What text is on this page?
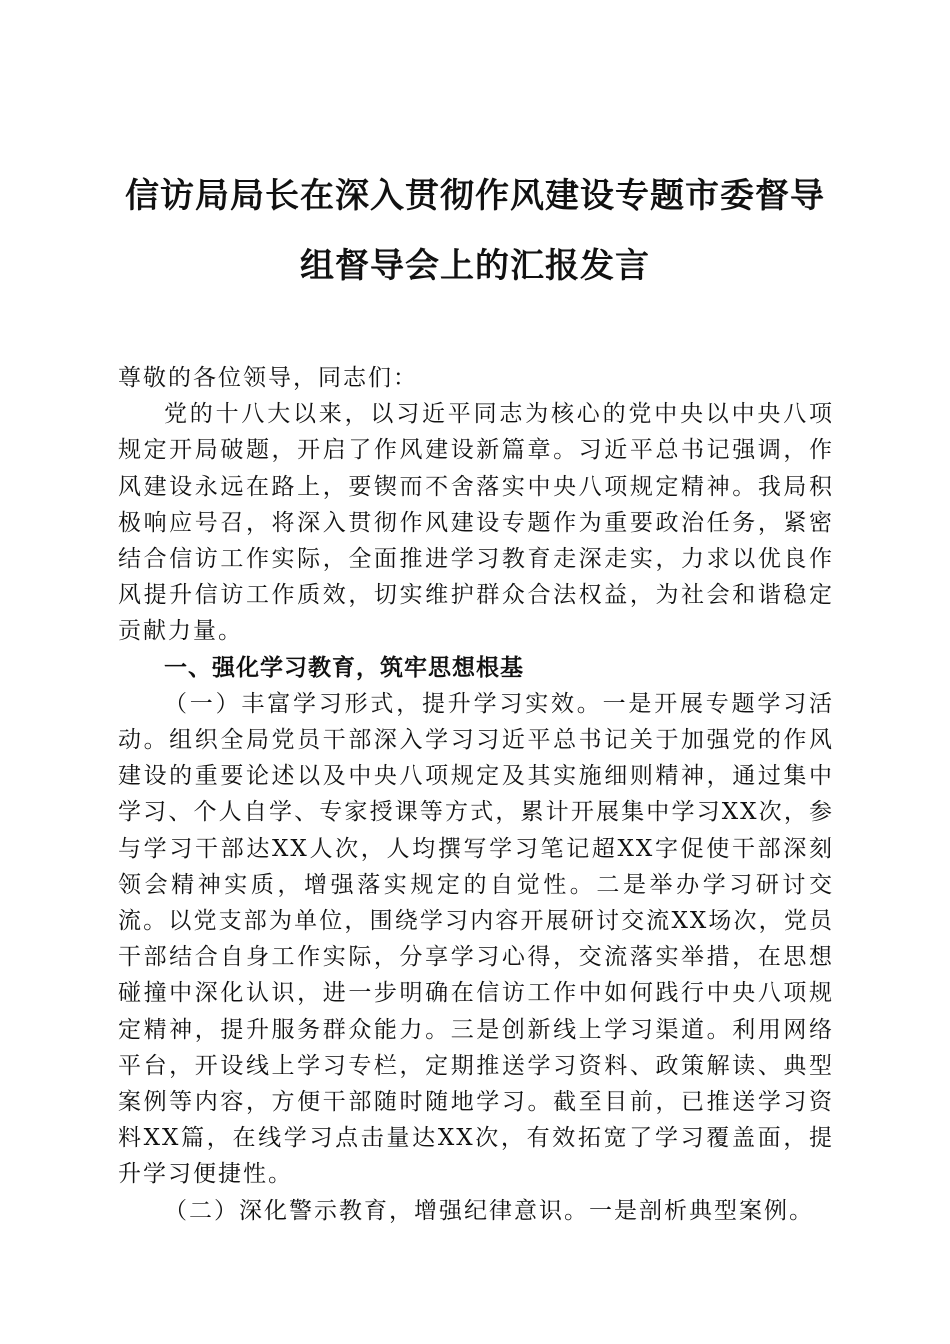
信访局局长在深入贯彻作风建设专题市委督导
组督导会上的汇报发言

尊敬的各位领导，同志们：

党的十八大以来，以习近平同志为核心的党中央以中央八项规定开局破题，开启了作风建设新篇章。习近平总书记强调，作风建设永远在路上，要锲而不舍落实中央八项规定精神。我局积极响应号召，将深入贯彻作风建设专题作为重要政治任务，紧密结合信访工作实际，全面推进学习教育走深走实，力求以优良作风提升信访工作质效，切实维护群众合法权益，为社会和谐稳定贡献力量。

一、强化学习教育，筑牢思想根基

（一）丰富学习形式，提升学习实效。一是开展专题学习活动。组织全局党员干部深入学习习近平总书记关于加强党的作风建设的重要论述以及中央八项规定及其实施细则精神，通过集中学习、个人自学、专家授课等方式，累计开展集中学习XX次，参与学习干部达XX人次，人均撰写学习笔记超XX字促使干部深刻领会精神实质，增强落实规定的自觉性。二是举办学习研讨交流。以党支部为单位，围绕学习内容开展研讨交流XX场次，党员干部结合自身工作实际，分享学习心得，交流落实举措，在思想碰撞中深化认识，进一步明确在信访工作中如何践行中央八项规定精神，提升服务群众能力。三是创新线上学习渠道。利用网络平台，开设线上学习专栏，定期推送学习资料、政策解读、典型案例等内容，方便干部随时随地学习。截至目前，已推送学习资料XX篇，在线学习点击量达XX次，有效拓宽了学习覆盖面，提升学习便捷性。

（二）深化警示教育，增强纪律意识。一是剖析典型案例。
